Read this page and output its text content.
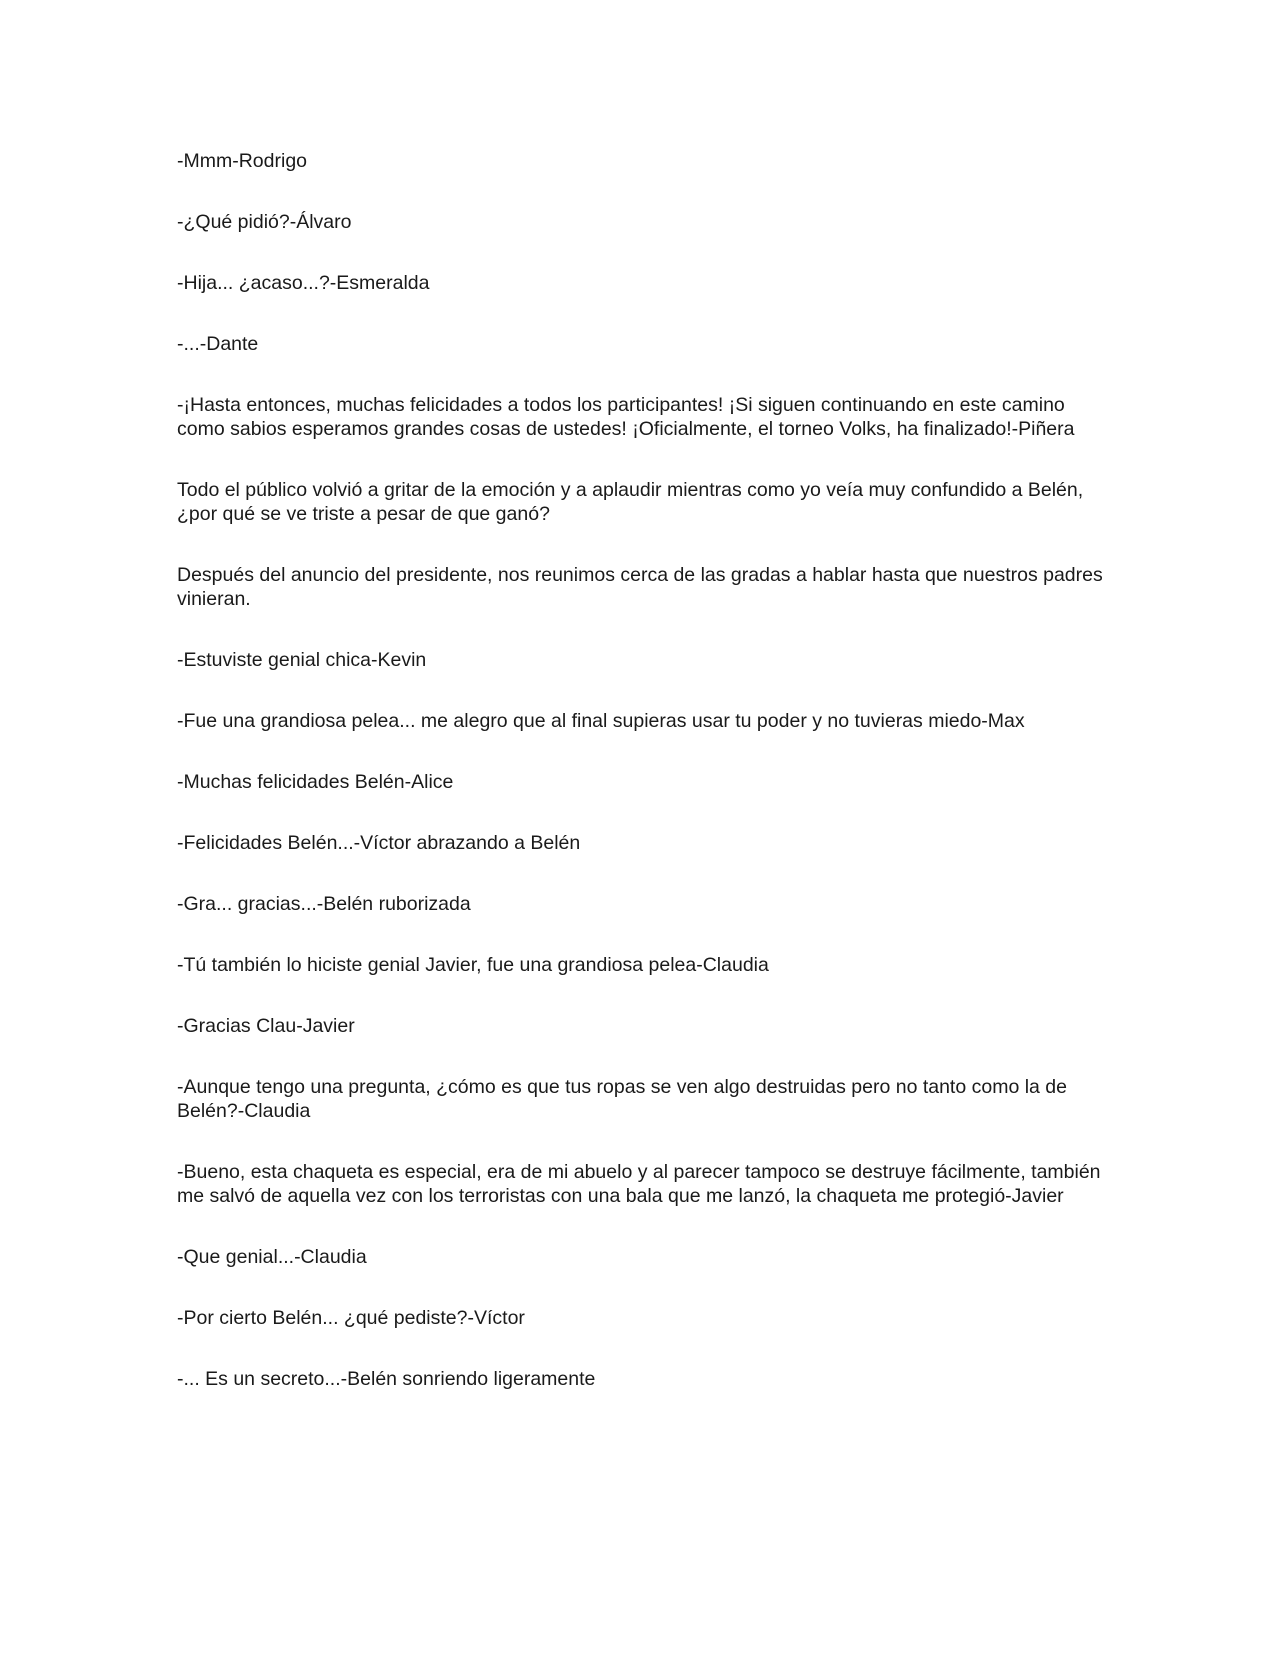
-Mmm-Rodrigo

-¿Qué pidió?-Álvaro

-Hija... ¿acaso...?-Esmeralda

-...-Dante

-¡Hasta entonces, muchas felicidades a todos los participantes! ¡Si siguen continuando en este camino como sabios esperamos grandes cosas de ustedes! ¡Oficialmente, el torneo Volks, ha finalizado!-Piñera

Todo el público volvió a gritar de la emoción y a aplaudir mientras como yo veía muy confundido a Belén, ¿por qué se ve triste a pesar de que ganó?

Después del anuncio del presidente, nos reunimos cerca de las gradas a hablar hasta que nuestros padres vinieran.

-Estuviste genial chica-Kevin

-Fue una grandiosa pelea... me alegro que al final supieras usar tu poder y no tuvieras miedo-Max

-Muchas felicidades Belén-Alice

-Felicidades Belén...-Víctor abrazando a Belén

-Gra... gracias...-Belén ruborizada

-Tú también lo hiciste genial Javier, fue una grandiosa pelea-Claudia

-Gracias Clau-Javier

-Aunque tengo una pregunta, ¿cómo es que tus ropas se ven algo destruidas pero no tanto como la de Belén?-Claudia

-Bueno, esta chaqueta es especial, era de mi abuelo y al parecer tampoco se destruye fácilmente, también me salvó de aquella vez con los terroristas con una bala que me lanzó, la chaqueta me protegió-Javier

-Que genial...-Claudia

-Por cierto Belén... ¿qué pediste?-Víctor

-... Es un secreto...-Belén sonriendo ligeramente
